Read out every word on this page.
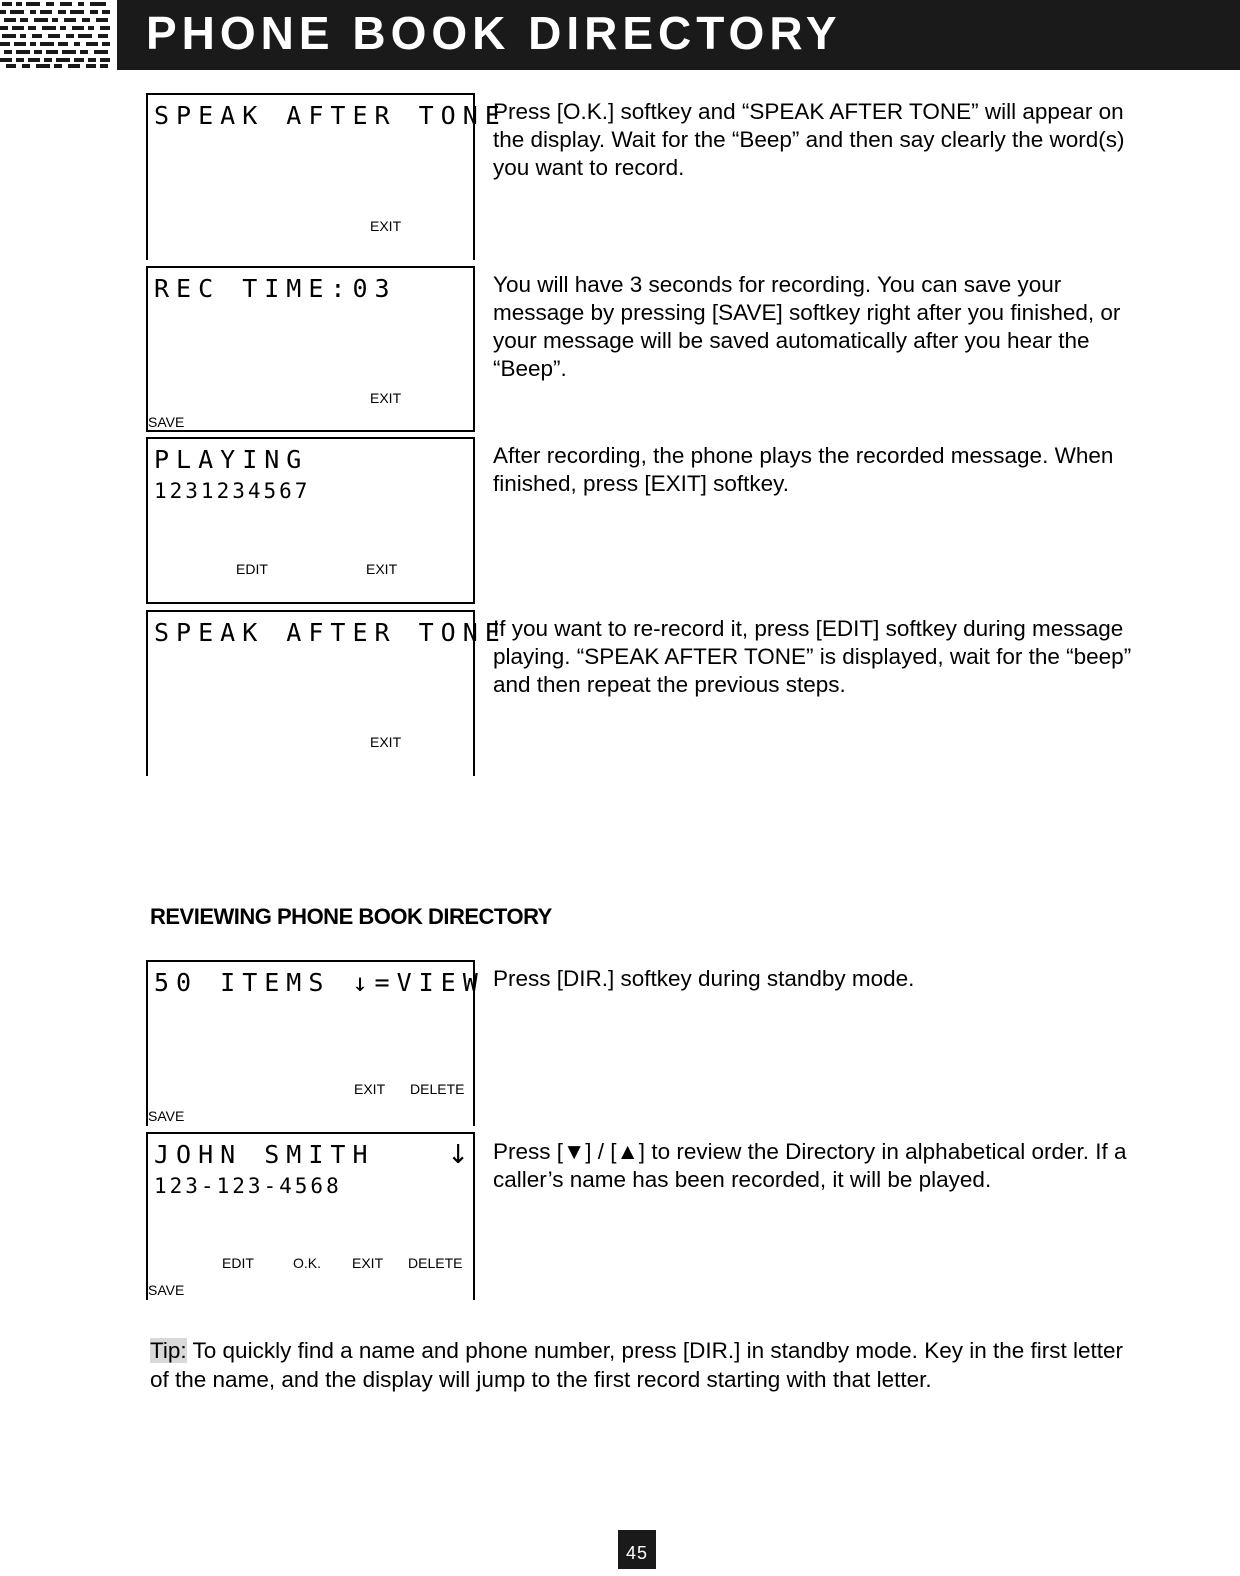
PHONE BOOK DIRECTORY
SPEAK AFTER TONE
EXIT
Press [O.K.] softkey and “SPEAK AFTER TONE” will appear on the display. Wait for the “Beep” and then say clearly the word(s) you want to record.
REC TIME:03
EXIT
SAVE
You will have 3 seconds for recording. You can save your message by pressing [SAVE] softkey right after you finished, or your message will be saved automatically after you hear the “Beep”.
PLAYING
1231234567
EDIT	EXIT
After recording, the phone plays the recorded message. When finished, press [EXIT] softkey.
SPEAK AFTER TONE
EXIT
If you want to re-record it, press [EDIT] softkey during message playing. “SPEAK AFTER TONE” is displayed, wait for the “beep” and then repeat the previous steps.
REVIEWING PHONE BOOK DIRECTORY
50 ITEMS ↓=VIEW
EXIT DELETE
SAVE
Press [DIR.] softkey during standby mode.
JOHN SMITH	↓
123-123-4568
EDIT	O.K. EXIT DELETE
SAVE
Press [▼] / [▲] to review the Directory in alphabetical order. If a caller’s name has been recorded, it will be played.
Tip: To quickly find a name and phone number, press [DIR.] in standby mode. Key in the first letter of the name, and the display will jump to the first record starting with that letter.
45
